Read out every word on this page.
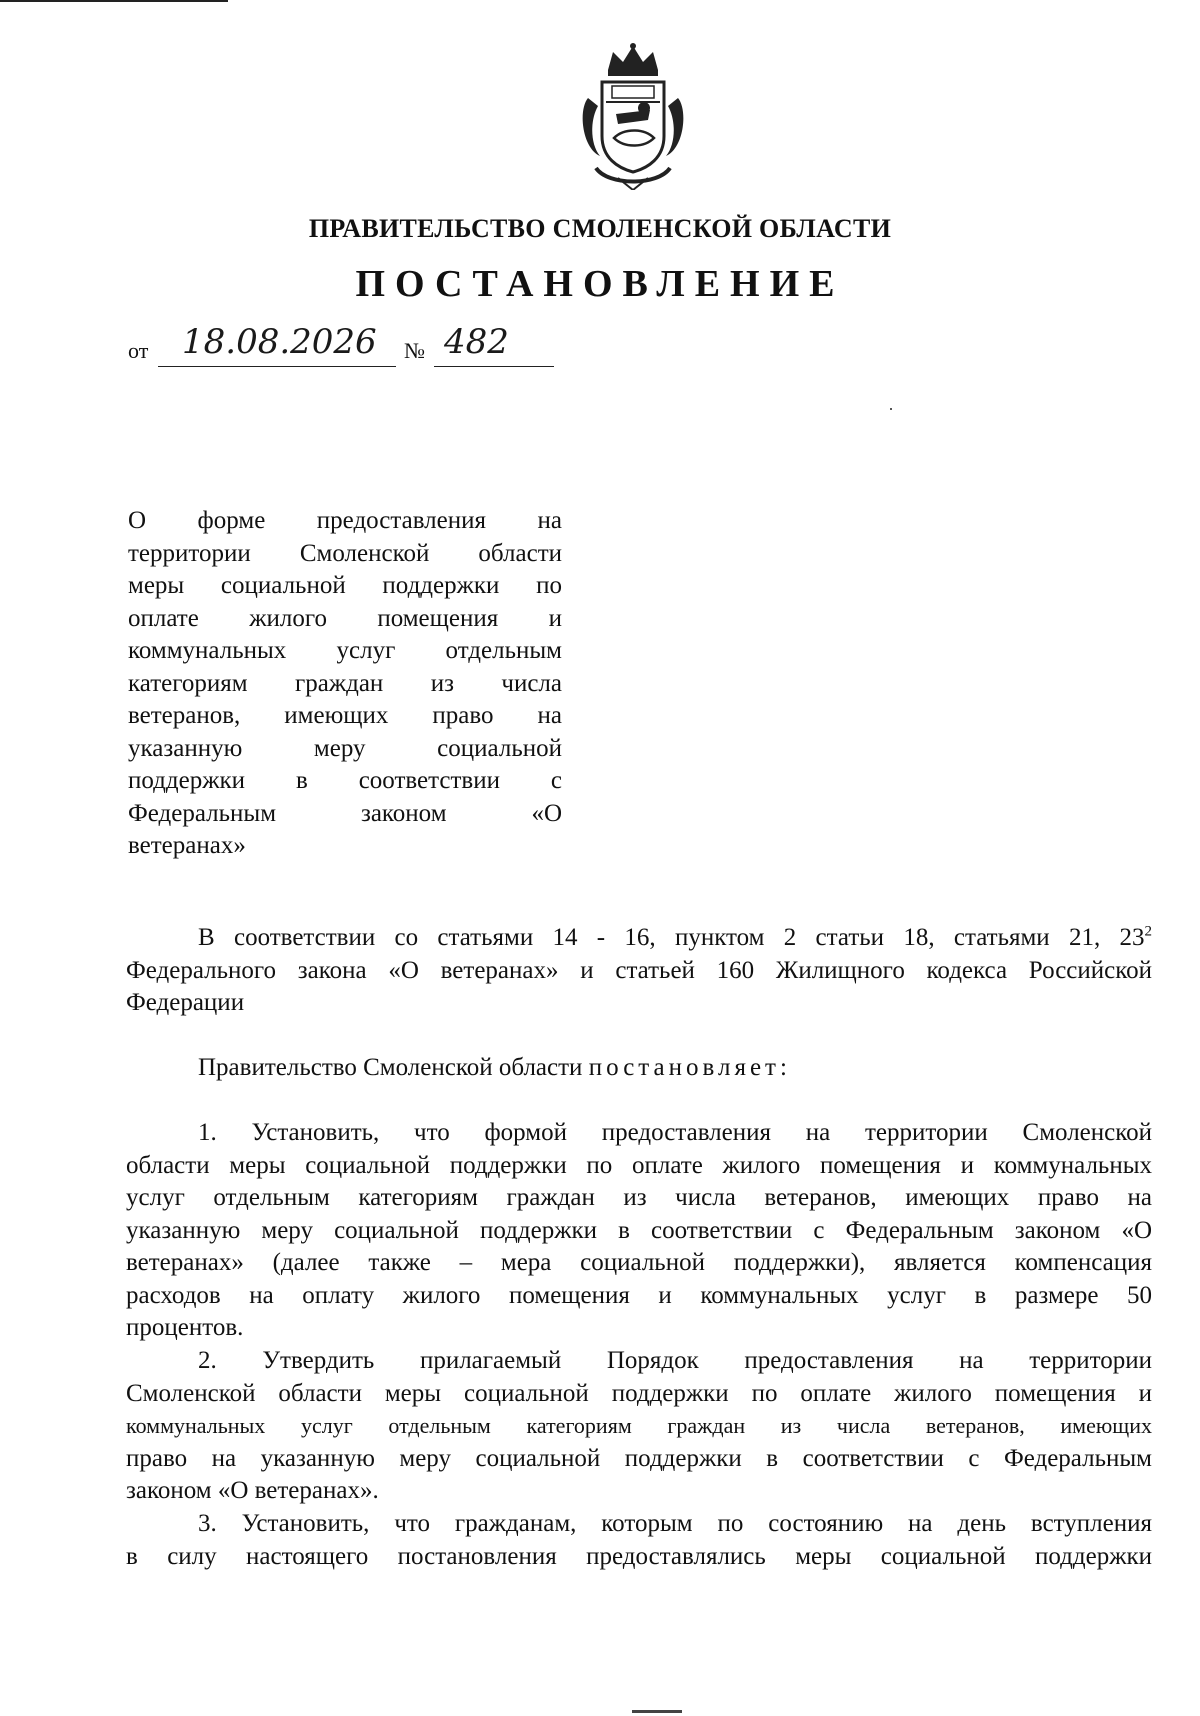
ПРАВИТЕЛЬСТВО СМОЛЕНСКОЙ ОБЛАСТИ
ПОСТАНОВЛЕНИЕ
от 18.08.2026 № 482
О форме предоставления на
территории Смоленской области
меры социальной поддержки по
оплате жилого помещения и
коммунальных услуг отдельным
категориям граждан из числа
ветеранов, имеющих право на
указанную меру социальной
поддержки в соответствии с
Федеральным законом «О
ветеранах»
В соответствии со статьями 14 - 16, пунктом 2 статьи 18, статьями 21, $23^2$
Федерального закона «О ветеранах» и статьей 160 Жилищного кодекса Российской
Федерации
Правительство Смоленской области постановляет:
1. Установить, что формой предоставления на территории Смоленской
области меры социальной поддержки по оплате жилого помещения и коммунальных
услуг отдельным категориям граждан из числа ветеранов, имеющих право на
указанную меру социальной поддержки в соответствии с Федеральным законом «О
ветеранах» (далее также – мера социальной поддержки), является компенсация
расходов на оплату жилого помещения и коммунальных услуг в размере 50
процентов.
2. Утвердить прилагаемый Порядок предоставления на территории
Смоленской области меры социальной поддержки по оплате жилого помещения и
коммунальных услуг отдельным категориям граждан из числа ветеранов, имеющих
право на указанную меру социальной поддержки в соответствии с Федеральным
законом «О ветеранах».
3. Установить, что гражданам, которым по состоянию на день вступления
в силу настоящего постановления предоставлялись меры социальной поддержки
